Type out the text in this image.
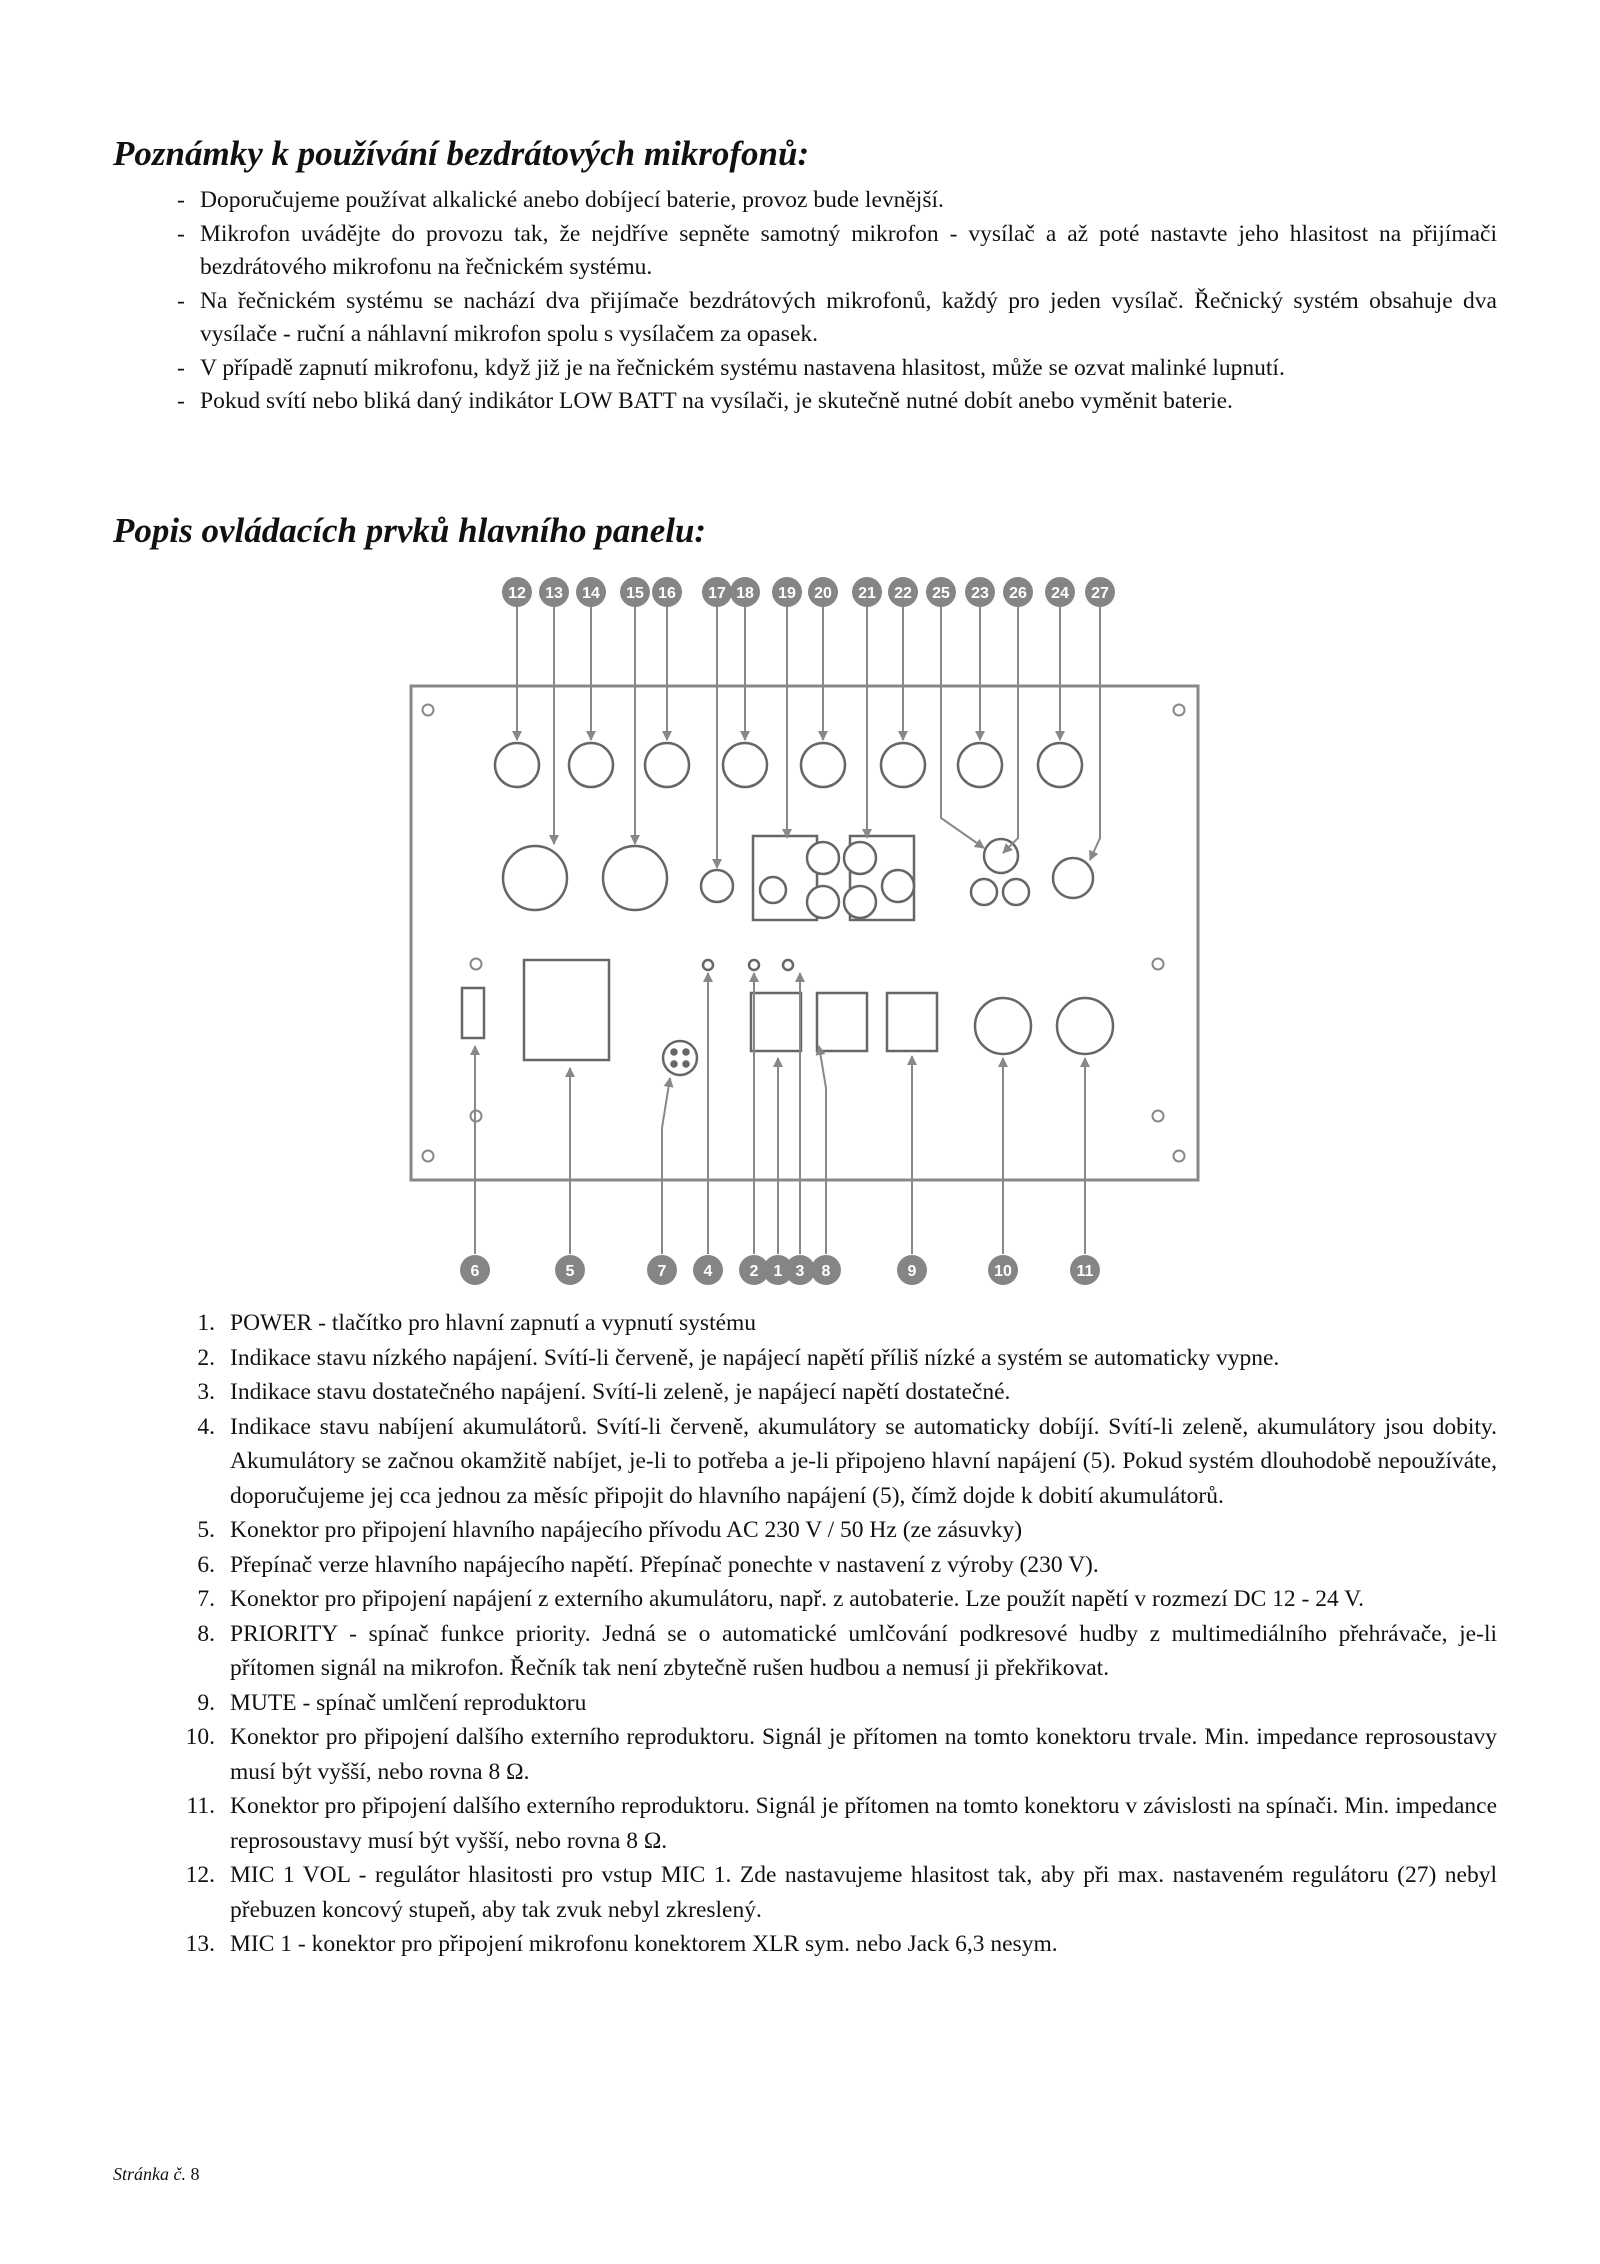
Poznámky k používání bezdrátových mikrofonů:
- Doporučujeme používat alkalické anebo dobíjecí baterie, provoz bude levnější.
- Mikrofon uvádějte do provozu tak, že nejdříve sepněte samotný mikrofon - vysílač a až poté nastavte jeho hlasitost na přijímači bezdrátového mikrofonu na řečnickém systému.
- Na řečnickém systému se nachází dva přijímače bezdrátových mikrofonů, každý pro jeden vysílač. Řečnický systém obsahuje dva vysílače - ruční a náhlavní mikrofon spolu s vysílačem za opasek.
- V případě zapnutí mikrofonu, když již je na řečnickém systému nastavena hlasitost, může se ozvat malinké lupnutí.
- Pokud svítí nebo bliká daný indikátor LOW BATT na vysílači, je skutečně nutné dobít anebo vyměnit baterie.
Popis ovládacích prvků hlavního panelu:
12 13 14 15 16 17 18 19 20 21 22 25 23 26 24 27
6	5	7 4 2 1 3 8	9	10	11
1. POWER - tlačítko pro hlavní zapnutí a vypnutí systému
2. Indikace stavu nízkého napájení. Svítí-li červeně, je napájecí napětí příliš nízké a systém se automaticky vypne.
3. Indikace stavu dostatečného napájení. Svítí-li zeleně, je napájecí napětí dostatečné.
4. Indikace stavu nabíjení akumulátorů. Svítí-li červeně, akumulátory se automaticky dobíjí. Svítí-li zeleně, akumulátory jsou dobity. Akumulátory se začnou okamžitě nabíjet, je-li to potřeba a je-li připojeno hlavní napájení (5). Pokud systém dlouhodobě nepoužíváte, doporučujeme jej cca jednou za měsíc připojit do hlavního napájení (5), čímž dojde k dobití akumulátorů.
5. Konektor pro připojení hlavního napájecího přívodu AC 230 V / 50 Hz (ze zásuvky)
6. Přepínač verze hlavního napájecího napětí. Přepínač ponechte v nastavení z výroby (230 V).
7. Konektor pro připojení napájení z externího akumulátoru, např. z autobaterie. Lze použít napětí v rozmezí DC 12 - 24 V.
8. PRIORITY - spínač funkce priority. Jedná se o automatické umlčování podkresové hudby z multimediálního přehrávače, je-li přítomen signál na mikrofon. Řečník tak není zbytečně rušen hudbou a nemusí ji překřikovat.
9. MUTE - spínač umlčení reproduktoru
10. Konektor pro připojení dalšího externího reproduktoru. Signál je přítomen na tomto konektoru trvale. Min. impedance reprosoustavy musí být vyšší, nebo rovna 8 Ω.
11. Konektor pro připojení dalšího externího reproduktoru. Signál je přítomen na tomto konektoru v závislosti na spínači. Min. impedance reprosoustavy musí být vyšší, nebo rovna 8 Ω.
12. MIC 1 VOL - regulátor hlasitosti pro vstup MIC 1. Zde nastavujeme hlasitost tak, aby při max. nastaveném regulátoru (27) nebyl přebuzen koncový stupeň, aby tak zvuk nebyl zkreslený.
13. MIC 1 - konektor pro připojení mikrofonu konektorem XLR sym. nebo Jack 6,3 nesym.
Stránka č. 8
